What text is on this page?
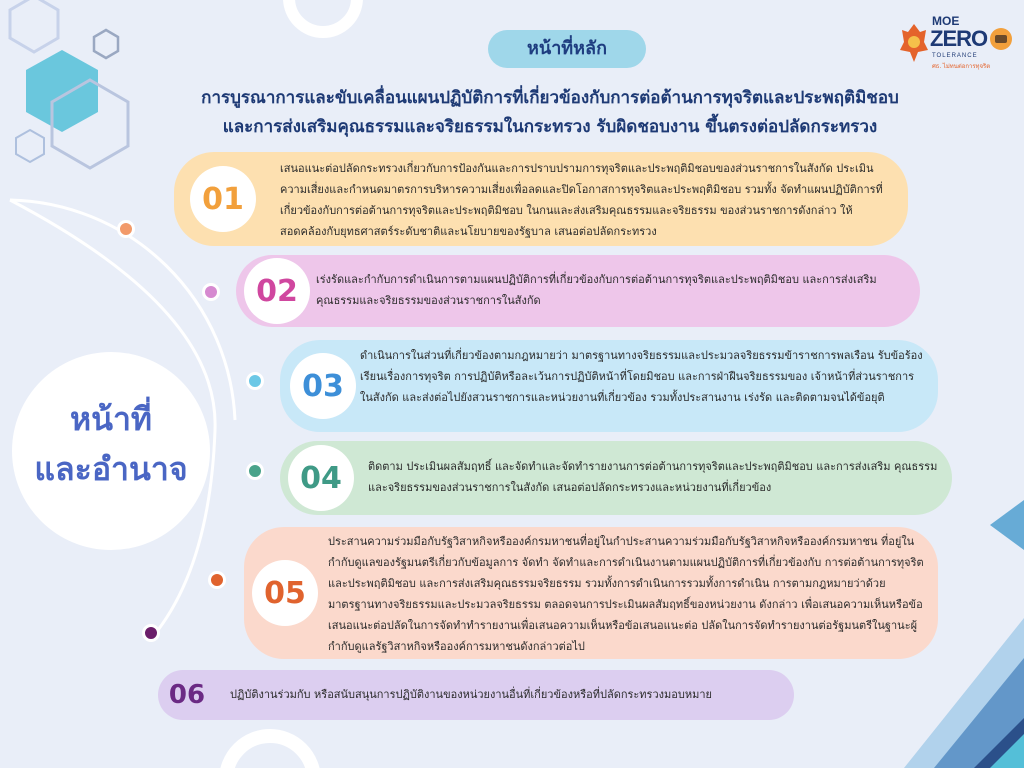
หน้าที่หลัก
การบูรณาการและขับเคลื่อนแผนปฏิบัติการที่เกี่ยวข้องกับการต่อต้านการทุจริตและประพฤติมิชอบ
และการส่งเสริมคุณธรรมและจริยธรรมในกระทรวง รับผิดชอบงาน ขึ้นตรงต่อปลัดกระทรวง
MOE
ZERO
TOLERANCE
ศธ. ไม่ทนต่อการทุจริต
หน้าที่
และอำนาจ
01
เสนอแนะต่อปลัดกระทรวงเกี่ยวกับการป้องกันและการปราบปรามการทุจริตและประพฤติมิชอบของส่วนราชการในสังกัด ประเมินความเสี่ยงและกำหนดมาตรการบริหารความเสี่ยงเพื่อลดและปิดโอกาสการทุจริตและประพฤติมิชอบ รวมทั้ง จัดทำแผนปฏิบัติการที่เกี่ยวข้องกับการต่อต้านการทุจริตและประพฤติมิชอบ ในกนและส่งเสริมคุณธรรมและจริยธรรม ของส่วนราชการดังกล่าว ให้สอดคล้องกับยุทธศาสตร์ระดับชาติและนโยบายของรัฐบาล เสนอต่อปลัดกระทรวง
02	เร่งรัดและกำกับการดำเนินการตามแผนปฏิบัติการที่เกี่ยวข้องกับการต่อต้านการทุจริตและประพฤติมิชอบ และการส่งเสริมคุณธรรมและจริยธรรมของส่วนราชการในสังกัด
03
ดำเนินการในส่วนที่เกี่ยวข้องตามกฎหมายว่า มาตรฐานทางจริยธรรมและประมวลจริยธรรมข้าราชการพลเรือน รับข้อร้องเรียนเรื่องการทุจริต การปฏิบัติหรือละเว้นการปฏิบัติหน้าที่โดยมิชอบ และการฝ่าฝืนจริยธรรมของ เจ้าหน้าที่ส่วนราชการในสังกัด และส่งต่อไปยังสวนราชการและหน่วยงานที่เกี่ยวข้อง รวมทั้งประสานงาน เร่งรัด และติดตามจนได้ข้อยุติ
04	ติดตาม ประเมินผลสัมฤทธิ์ และจัดทำและจัดทำรายงานการต่อต้านการทุจริตและประพฤติมิชอบ และการส่งเสริม คุณธรรมและจริยธรรมของส่วนราชการในสังกัด เสนอต่อปลัดกระทรวงและหน่วยงานที่เกี่ยวข้อง
05
ประสานความร่วมมือกับรัฐวิสาหกิจหรือองค์กรมหาชนที่อยู่ในกำประสานความร่วมมือกับรัฐวิสาหกิจหรือองค์กรมหาชน ที่อยู่ในกำกับดูแลของรัฐมนตรีเกี่ยวกับข้อมูลการ จัดทำ จัดทำและการดำเนินงานตามแผนปฏิบัติการที่เกี่ยวข้องกับ การต่อต้านการทุจริตและประพฤติมิชอบ และการส่งเสริมคุณธรรมจริยธรรม รวมทั้งการดำเนินการรวมทั้งการดำเนิน การตามกฎหมายว่าด้วยมาตรฐานทางจริยธรรมและประมวลจริยธรรม ตลอดจนการประเมินผลสัมฤทธิ์ของหน่วยงาน ดังกล่าว เพื่อเสนอความเห็นหรือข้อเสนอแนะต่อปลัดในการจัดทำทำรายงานเพื่อเสนอความเห็นหรือข้อเสนอแนะต่อ ปลัดในการจัดทำรายงานต่อรัฐมนตรีในฐานะผู้กำกับดูแลรัฐวิสาหกิจหรือองค์การมหาชนดังกล่าวต่อไป
06	ปฏิบัติงานร่วมกับ หรือสนับสนุนการปฏิบัติงานของหน่วยงานอื่นที่เกี่ยวข้องหรือที่ปลัดกระทรวงมอบหมาย
